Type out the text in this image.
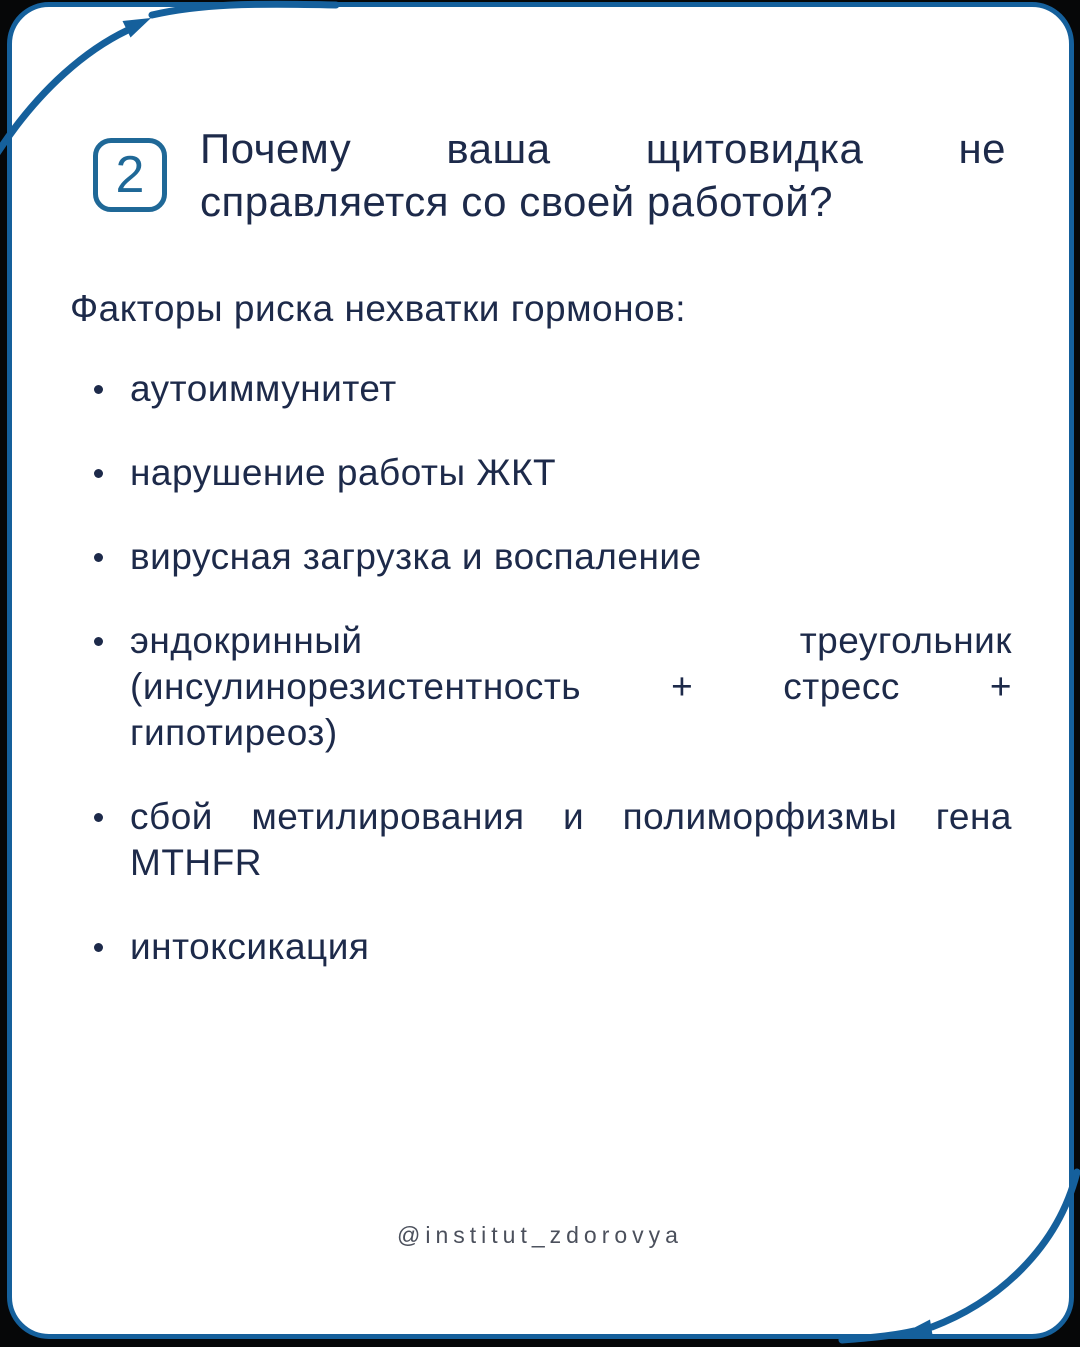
2 Почему ваша щитовидка не
справляется со своей работой?

Факторы риска нехватки гормонов:

аутоиммунитет
нарушение работы ЖКТ
вирусная загрузка и воспаление
эндокринный	треугольник
(инсулинорезистентность + стресс +
гипотиреоз)
сбой метилирования и полиморфизмы гена
MTHFR
интоксикация
@institut_zdorovya
